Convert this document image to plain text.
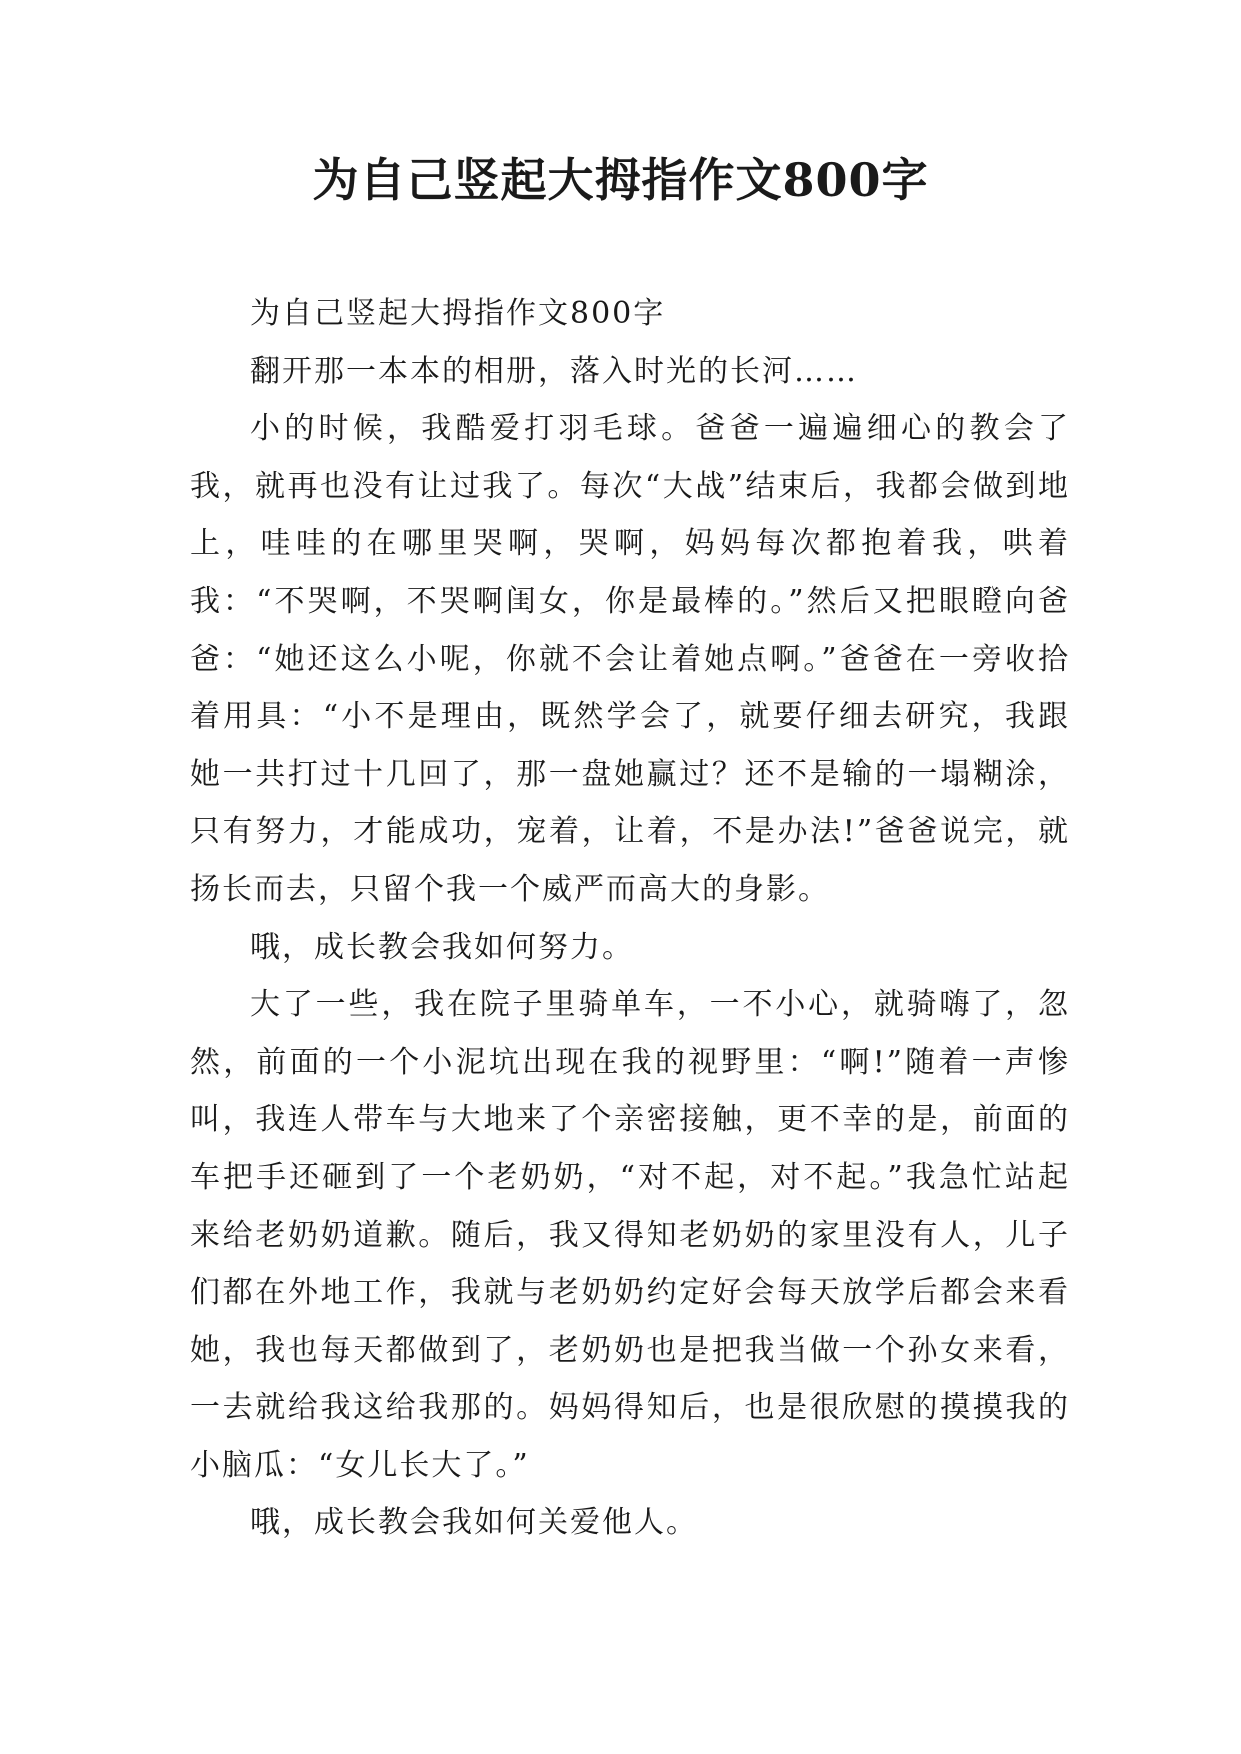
为自己竖起大拇指作文800字

为自己竖起大拇指作文800字

翻开那一本本的相册，落入时光的长河……

小的时候，我酷爱打羽毛球。爸爸一遍遍细心的教会了我，就再也没有让过我了。每次“大战”结束后，我都会做到地上，哇哇的在哪里哭啊，哭啊，妈妈每次都抱着我，哄着我：“不哭啊，不哭啊闺女，你是最棒的。”然后又把眼瞪向爸爸：“她还这么小呢，你就不会让着她点啊。”爸爸在一旁收拾着用具：“小不是理由，既然学会了，就要仔细去研究，我跟她一共打过十几回了，那一盘她赢过？还不是输的一塌糊涂，只有努力，才能成功，宠着，让着，不是办法!”爸爸说完，就扬长而去，只留个我一个威严而高大的身影。

哦，成长教会我如何努力。

大了一些，我在院子里骑单车，一不小心，就骑嗨了，忽然，前面的一个小泥坑出现在我的视野里：“啊!”随着一声惨叫，我连人带车与大地来了个亲密接触，更不幸的是，前面的车把手还砸到了一个老奶奶，“对不起，对不起。”我急忙站起来给老奶奶道歉。随后，我又得知老奶奶的家里没有人，儿子们都在外地工作，我就与老奶奶约定好会每天放学后都会来看她，我也每天都做到了，老奶奶也是把我当做一个孙女来看，一去就给我这给我那的。妈妈得知后，也是很欣慰的摸摸我的小脑瓜：“女儿长大了。”

哦，成长教会我如何关爱他人。
